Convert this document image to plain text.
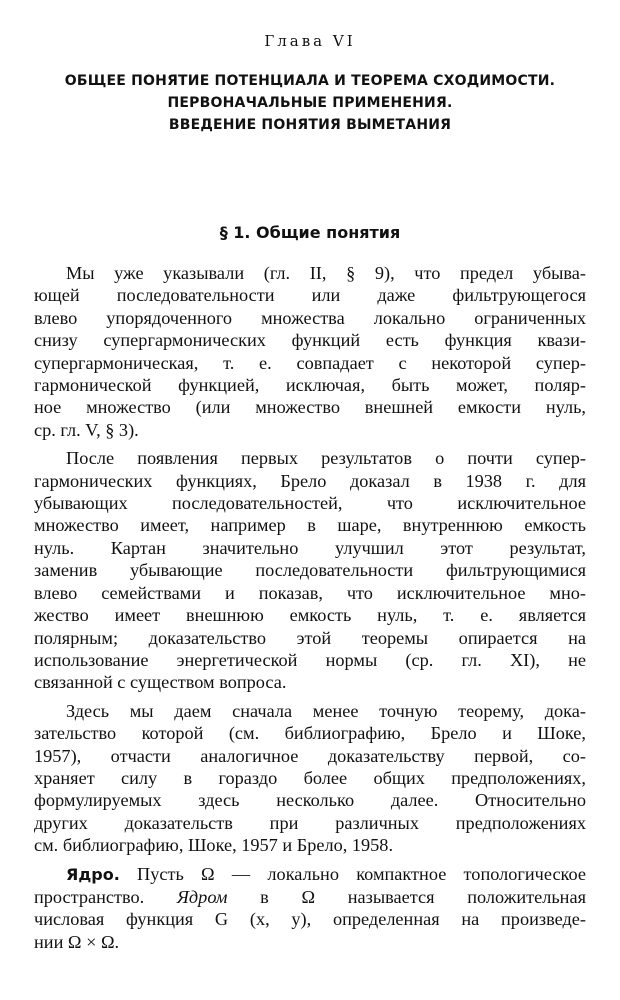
Глава VI
ОБЩЕЕ ПОНЯТИЕ ПОТЕНЦИАЛА И ТЕОРЕМА СХОДИМОСТИ.
ПЕРВОНАЧАЛЬНЫЕ ПРИМЕНЕНИЯ.
ВВЕДЕНИЕ ПОНЯТИЯ ВЫМЕТАНИЯ
§ 1. Общие понятия
Мы уже указывали (гл. II, § 9), что предел убыва-
ющей последовательности или даже фильтрующегося
влево упорядоченного множества локально ограниченных
снизу супергармонических функций есть функция квази-
супергармоническая, т. е. совпадает с некоторой супер-
гармонической функцией, исключая, быть может, поляр-
ное множество (или множество внешней емкости нуль,
ср. гл. V, § 3).
После появления первых результатов о почти супер-
гармонических функциях, Брело доказал в 1938 г. для
убывающих последовательностей, что исключительное
множество имеет, например в шаре, внутреннюю емкость
нуль. Картан значительно улучшил этот результат,
заменив убывающие последовательности фильтрующимися
влево семействами и показав, что исключительное мно-
жество имеет внешнюю емкость нуль, т. е. является
полярным; доказательство этой теоремы опирается на
использование энергетической нормы (ср. гл. XI), не
связанной с существом вопроса.
Здесь мы даем сначала менее точную теорему, дока-
зательство которой (см. библиографию, Брело и Шоке,
1957), отчасти аналогичное доказательству первой, со-
храняет силу в гораздо более общих предположениях,
формулируемых здесь несколько далее. Относительно
других доказательств при различных предположениях
см. библиографию, Шоке, 1957 и Брело, 1958.
Ядро. Пусть Ω — локально компактное топологическое
пространство. Ядром в Ω называется положительная
числовая функция G (x, y), определенная на произведе-
нии Ω × Ω.
